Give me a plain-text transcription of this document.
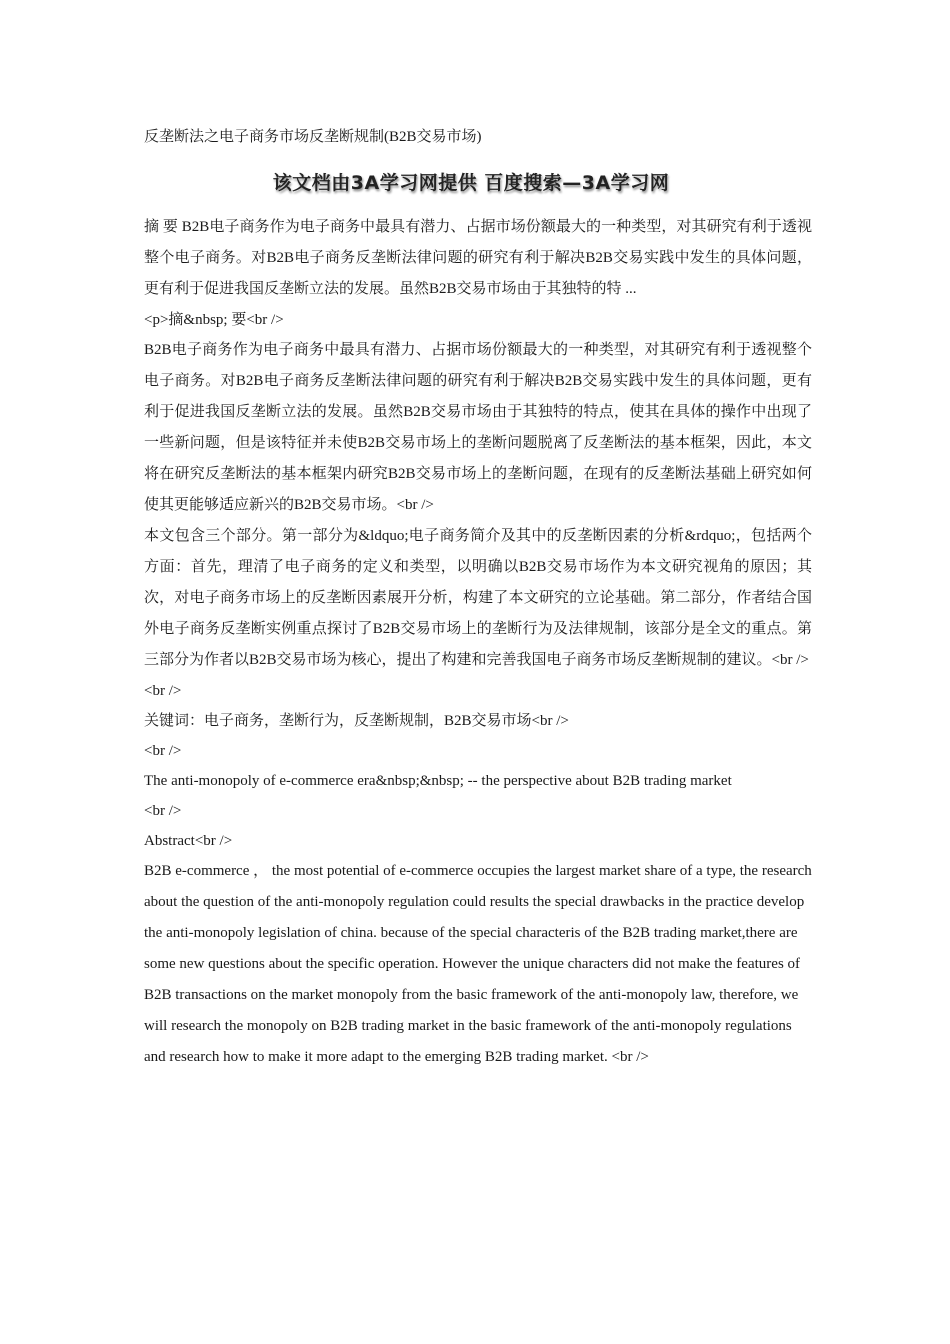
反垄断法之电子商务市场反垄断规制(B2B交易市场)

该文档由3A学习网提供 百度搜索—3A学习网

摘 要 B2B电子商务作为电子商务中最具有潜力、占据市场份额最大的一种类型，对其研究有利于透视整个电子商务。对B2B电子商务反垄断法律问题的研究有利于解决B2B交易实践中发生的具体问题，更有利于促进我国反垄断立法的发展。虽然B2B交易市场由于其独特的特 ...

<p>摘&nbsp; 要<br />

B2B电子商务作为电子商务中最具有潜力、占据市场份额最大的一种类型，对其研究有利于透视整个电子商务。对B2B电子商务反垄断法律问题的研究有利于解决B2B交易实践中发生的具体问题，更有利于促进我国反垄断立法的发展。虽然B2B交易市场由于其独特的特点，使其在具体的操作中出现了一些新问题，但是该特征并未使B2B交易市场上的垄断问题脱离了反垄断法的基本框架，因此，本文将在研究反垄断法的基本框架内研究B2B交易市场上的垄断问题，在现有的反垄断法基础上研究如何使其更能够适应新兴的B2B交易市场。<br />

本文包含三个部分。第一部分为&ldquo;电子商务简介及其中的反垄断因素的分析&rdquo;，包括两个方面：首先，理清了电子商务的定义和类型，以明确以B2B交易市场作为本文研究视角的原因；其次，对电子商务市场上的反垄断因素展开分析，构建了本文研究的立论基础。第二部分，作者结合国外电子商务反垄断实例重点探讨了B2B交易市场上的垄断行为及法律规制，该部分是全文的重点。第三部分为作者以B2B交易市场为核心，提出了构建和完善我国电子商务市场反垄断规制的建议。<br />

<br />

关键词：电子商务，垄断行为，反垄断规制，B2B交易市场<br />

<br />

The anti-monopoly of e-commerce era&nbsp;&nbsp; -- the perspective about B2B trading market

<br />

Abstract<br />

B2B e-commerce ， the most potential of e-commerce occupies the largest market share of a type, the research about the question of the anti-monopoly regulation could results the special drawbacks in the practice develop the anti-monopoly legislation of china. because of the special characteris of the B2B trading market,there are some new questions about the specific operation. However the unique characters did not make the features of B2B transactions on the market monopoly from the basic framework of the anti-monopoly law, therefore, we will research the monopoly on B2B trading market in the basic framework of the anti-monopoly regulations and research how to make it more adapt to the emerging B2B trading market. <br />
